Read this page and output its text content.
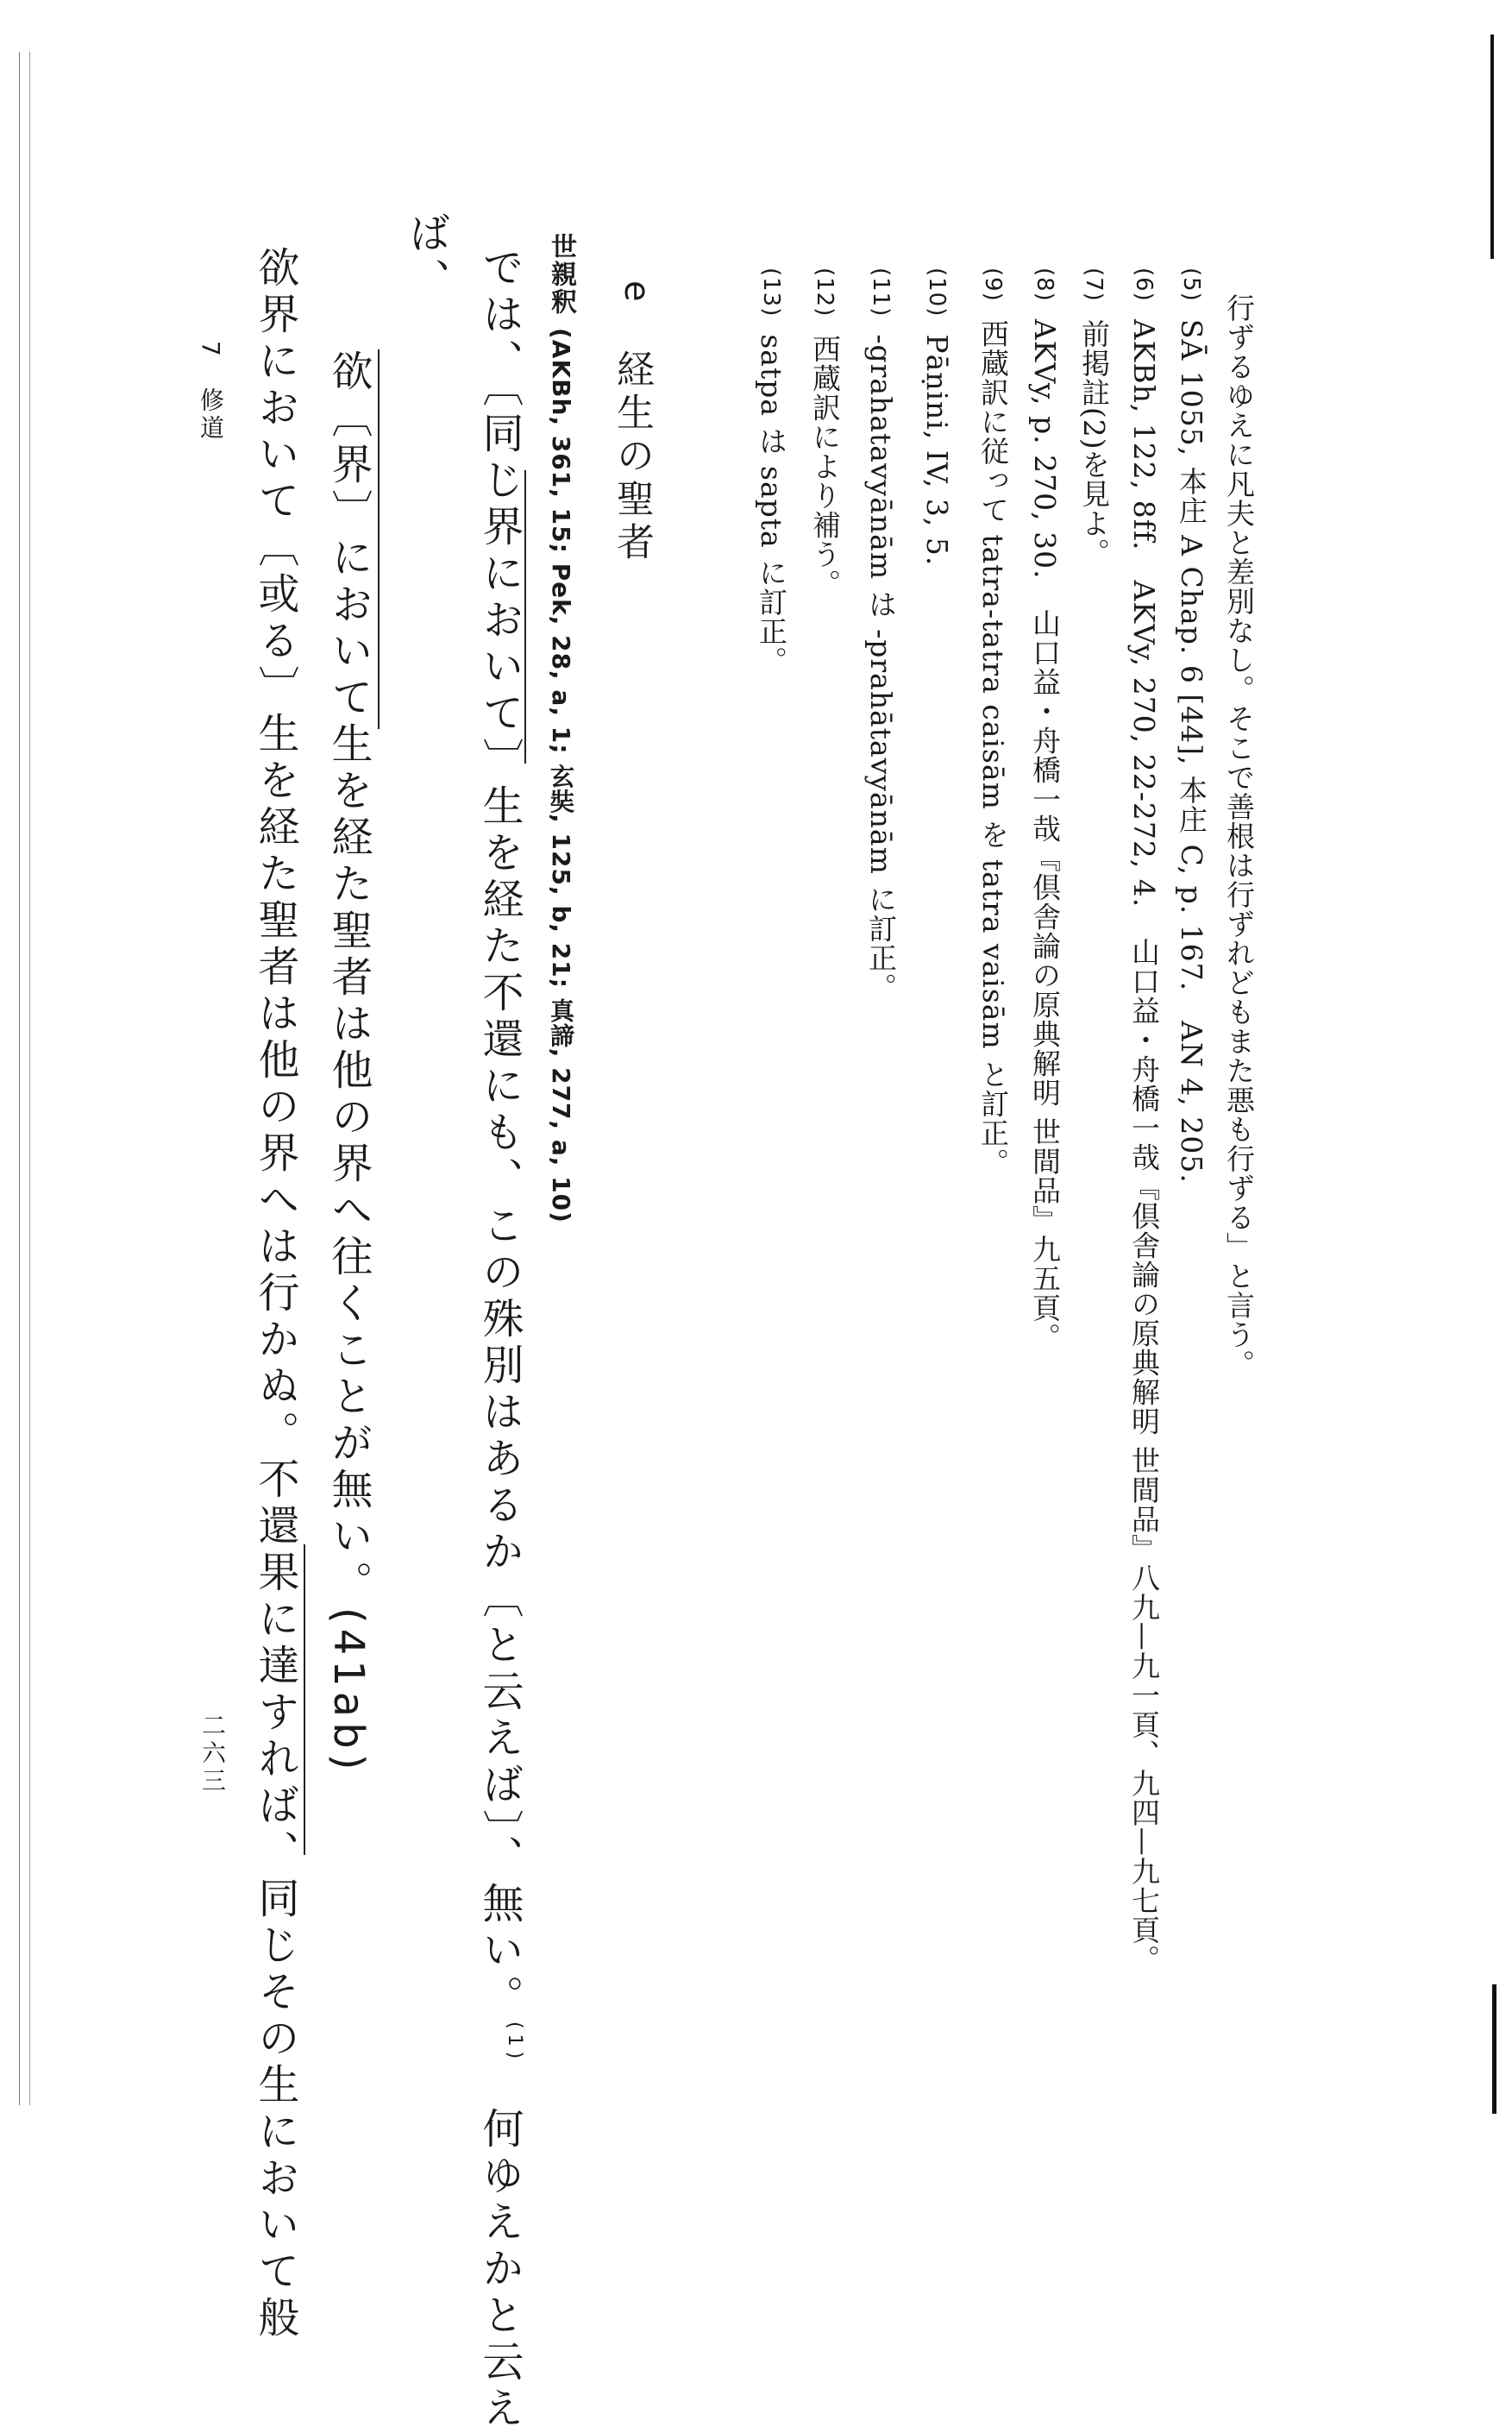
行ずるゆえに凡夫と差別なし。そこで善根は行ずれどもまた悪も行ずる」と言う。
(5)SĀ 1055, 本庄 A Chap. 6 [44], 本庄 C, p. 167.　AN 4, 205.
(6)AKBh, 122, 8ff.　AKVy, 270, 22-272, 4.　山口益・舟橋一哉『倶舎論の原典解明 世間品』八九—九一頁、九四—九七頁。
(7)前掲註(2)を見よ。
(8)AKVy, p. 270, 30.　山口益・舟橋一哉『倶舎論の原典解明 世間品』九五頁。
(9)西蔵訳に従って tatra-tatra caisām を tatra vaisām と訂正。
(10)Pāṇini, IV, 3, 5.
(11)-grahatavyānām は -prahātavyānām に訂正。
(12)西蔵訳により補う。
(13)satpa は sapta に訂正。
e
経生の聖者
世親釈(AKBh, 361, 15; Pek, 28, a, 1; 玄奘, 125, b, 21; 真諦, 277, a, 10)
では、〔同じ界において〕生を経た不還にも、この殊別はあるか〔と云えば〕、無い。$^{(1)}$何ゆえかと云え
ば、
欲〔界〕において生を経た聖者は他の界へ往くことが無い。(41ab)
欲界において〔或る〕生を経た聖者は他の界へは行かぬ。不還果に達すれば、同じその生において般
7　修道
二六三
